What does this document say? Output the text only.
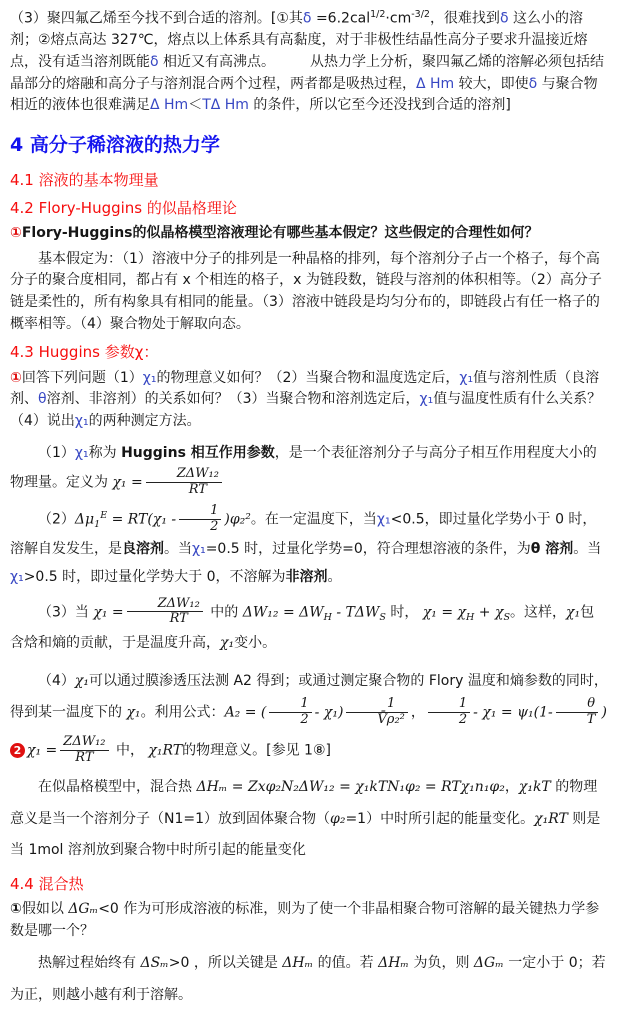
（3）聚四氟乙烯至今找不到合适的溶剂。[①其$\delta =6.2cal^{1/2}\cdot cm^{-3/2}$，很难找到δ 这么小的溶剂；②熔点高达 327℃，熔点以上体系具有高黏度，对于非极性结晶性高分子要求升温接近熔点，没有适当溶剂既能δ 相近又有高沸点。　　　从热力学上分析，聚四氟乙烯的溶解必须包括结晶部分的熔融和高分子与溶剂混合两个过程，两者都是吸热过程，Δ Hm 较大，即使δ 与聚合物相近的液体也很难满足Δ Hm＜TΔ Hm 的条件，所以它至今还没找到合适的溶剂]

4 高分子稀溶液的热力学
4.1 溶液的基本物理量
4.2 Flory-Huggins 的似晶格理论

①Flory-Huggins的似晶格模型溶液理论有哪些基本假定？这些假定的合理性如何？

基本假定为：（1）溶液中分子的排列是一种晶格的排列，每个溶剂分子占一个格子，每个高分子的聚合度相同，都占有 x 个相连的格子，x 为链段数，链段与溶剂的体积相等。（2）高分子链是柔性的，所有构象具有相同的能量。（3）溶液中链段是均匀分布的，即链段占有任一格子的概率相等。（4）聚合物处于解取向态。

4.3 Huggins 参数χ：

①回答下列问题（1）χ₁的物理意义如何？（2）当聚合物和温度选定后，χ₁值与溶剂性质（良溶剂、θ溶剂、非溶剂）的关系如何？（3）当聚合物和溶剂选定后，χ₁值与温度性质有什么关系？（4）说出χ₁的两种测定方法。

（1）χ₁称为 Huggins 相互作用参数，是一个表征溶剂分子与高分子相互作用程度大小的物理量。定义为 $\chi_1 = \frac{\text{ZΔW₁₂}}{RT}$

$(2)\Delta\mu_1^E = RT(\chi_1 - \frac{1}{2} )\varphi_2^2$。在一定温度下，当χ₁<0.5，即过量化学势小于 0 时，溶解自发发生，是良溶剂。当χ₁=0.5 时，过量化学势=0，符合理想溶液的条件，为θ 溶剂。当χ₁>0.5 时，即过量化学势大于 0，不溶解为非溶剂。

（3）当 $\chi_1 = \frac{\text{ZΔW₁₂}}{RT}$ 中的 $\Delta W_{12} = \Delta W_H - T\Delta W_S$ 时， $\chi_1 = \chi_H + \chi_S$。这样，χ₁包含焓和熵的贡献，于是温度升高，χ₁变小。

（4）χ₁可以通过膜渗透压法测 A2 得到；或通过测定聚合物的 Flory 温度和熵参数的同时，得到某一温度下的 χ₁。利用公式：A₂ = ( $\frac{1}{2} - \chi_1) \frac{1}{\text{V̄ρ₂²}}$ ， $\frac{1}{2} - \chi_1 = \psi_1(1- \frac{\theta}{T}$ )

2 $\chi_1 = \frac{\text{ZΔW₁₂}}{RT}$ 中， χ₁RT的物理意义。[参见 1⑧]

在似晶格模型中，混合热 ΔHₘ = Zxφ₂N₂ΔW₁₂ = χ₁kTN₁φ₂ = RTχ₁n₁φ₂，χ₁kT 的物理意义是当一个溶剂分子（N1=1）放到固体聚合物（φ₂=1）中时所引起的能量变化。χ₁RT 则是当 1mol 溶剂放到聚合物中时所引起的能量变化

4.4 混合热

①假如以 ΔGₘ<0 作为可形成溶液的标准，则为了使一个非晶相聚合物可溶解的最关键热力学参数是哪一个？

热解过程始终有 ΔSₘ>0 ，所以关键是 ΔHₘ 的值。若 ΔHₘ 为负，则 ΔGₘ 一定小于 0；若为正，则越小越有利于溶解。
